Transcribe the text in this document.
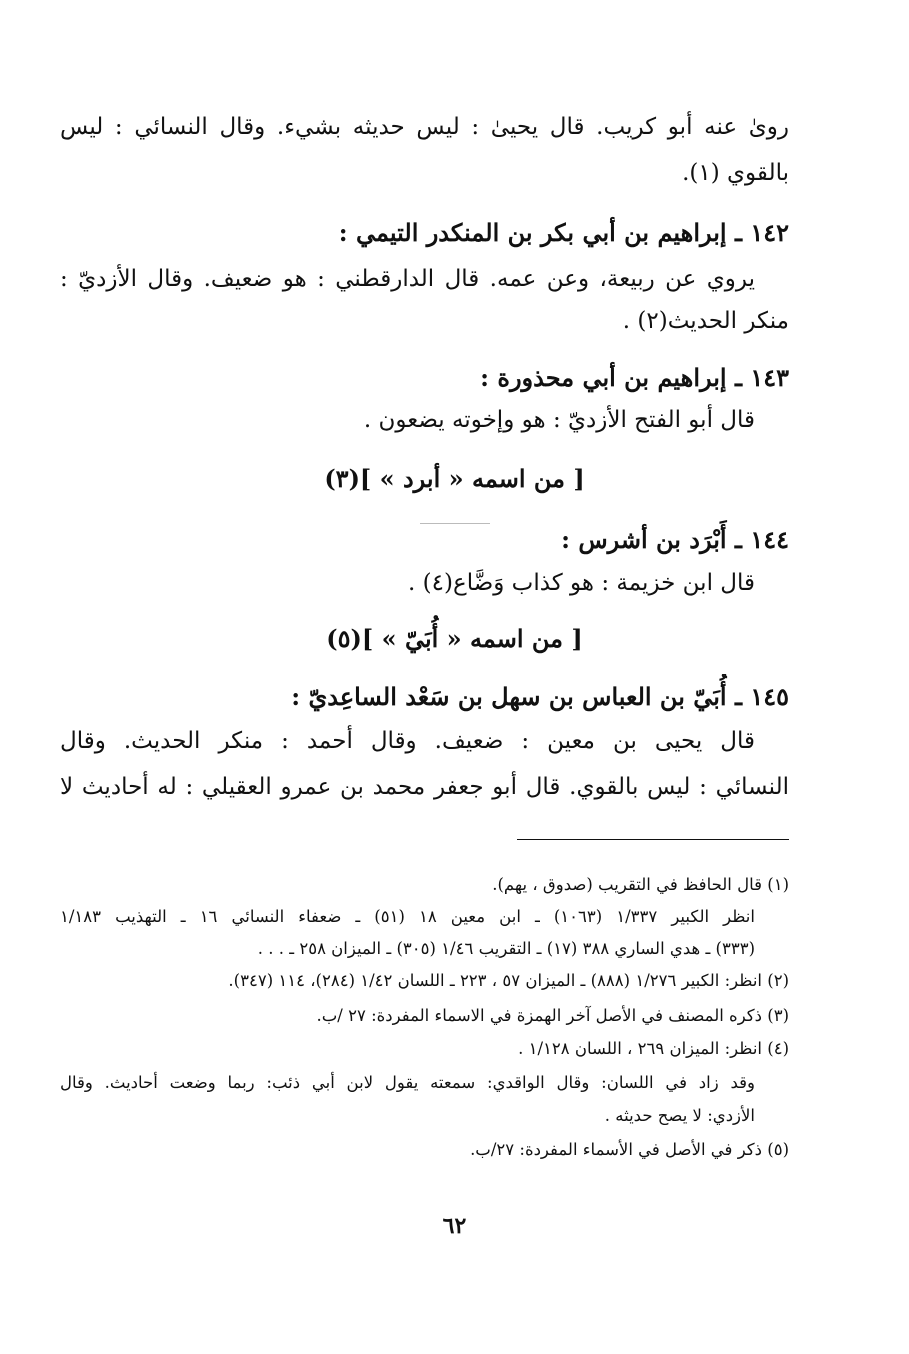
روىٰ عنه أبو كريب. قال يحيىٰ : ليس حديثه بشيء. وقال النسائي : ليس
بالقوي (١).
١٤٢ ـ إبراهيم بن أبي بكر بن المنكدر التيمي :
يروي عن ربيعة، وعن عمه. قال الدارقطني : هو ضعيف. وقال الأزديّ :
منكر الحديث(٢) .
١٤٣ ـ إبراهيم بن أبي محذورة :
قال أبو الفتح الأزديّ : هو وإخوته يضعون .
[ من اسمه « أبرد » ](٣)
١٤٤ ـ أَبْرَد بن أشرس :
قال ابن خزيمة : هو كذاب وَضَّاع(٤) .
[ من اسمه « أُبَيّ » ](٥)
١٤٥ ـ أُبَيّ بن العباس بن سهل بن سَعْد الساعِديّ :
قال يحيى بن معين : ضعيف. وقال أحمد : منكر الحديث. وقال
النسائي : ليس بالقوي. قال أبو جعفر محمد بن عمرو العقيلي : له أحاديث لا
(١) قال الحافظ في التقريب (صدوق ، يهم).
انظر الكبير ١/٣٣٧ (١٠٦٣) ـ ابن معين ١٨ (٥١) ـ ضعفاء النسائي ١٦ ـ التهذيب ١/١٨٣
(٣٣٣) ـ هدي الساري ٣٨٨ (١٧) ـ التقريب ١/٤٦ (٣٠٥) ـ الميزان ٢٥٨ ـ . . .
(٢) انظر: الكبير ١/٢٧٦ (٨٨٨) ـ الميزان ٥٧ ، ٢٢٣ ـ اللسان ١/٤٢ (٢٨٤)، ١١٤ (٣٤٧).
(٣) ذكره المصنف في الأصل آخر الهمزة في الاسماء المفردة: ٢٧ /ب.
(٤) انظر: الميزان ٢٦٩ ، اللسان ١/١٢٨ .
وقد زاد في اللسان: وقال الواقدي: سمعته يقول لابن أبي ذئب: ربما وضعت أحاديث. وقال
الأزدي: لا يصح حديثه .
(٥) ذكر في الأصل في الأسماء المفردة: ٢٧/ب.
٦٢
